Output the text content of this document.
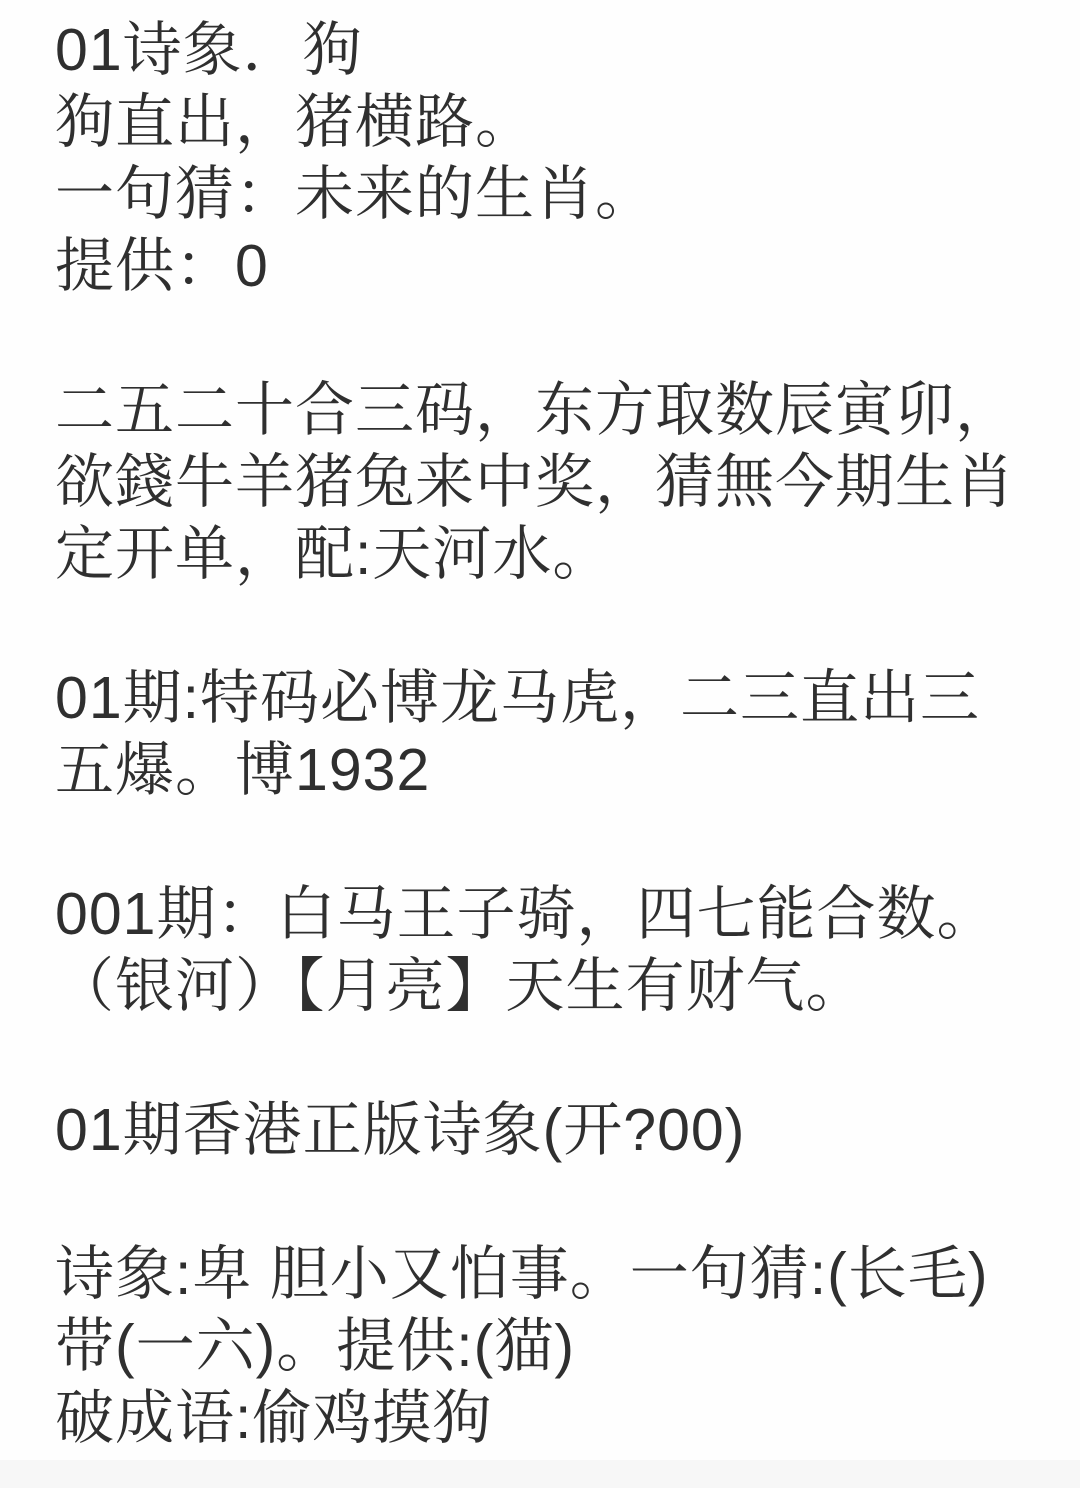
01诗象．狗
狗直出，猪横路。
一句猜：未来的生肖。
提供：0
二五二十合三码，东方取数辰寅卯，
欲錢牛羊猪兔来中奖，猜無今期生肖
定开单，配:天河水。
01期:特码必博龙马虎，二三直出三
五爆。博1932
001期：白马王子骑，四七能合数。
（银河）【月亮】天生有财气。
01期香港正版诗象(开?00)
诗象:卑 胆小又怕事。一句猜:(长毛)
带(一六)。提供:(猫)
破成语:偷鸡摸狗
